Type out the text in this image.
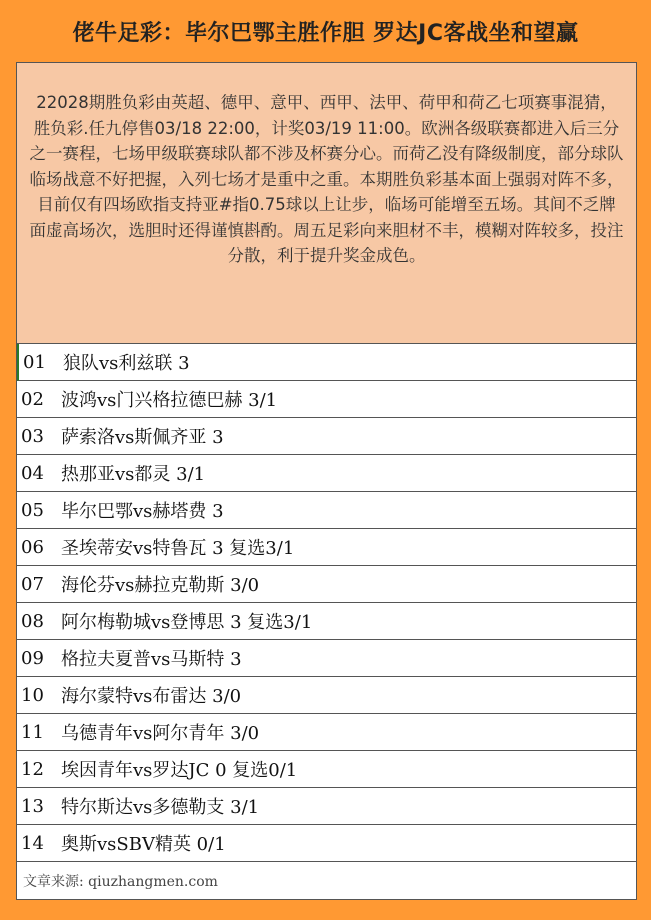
佬牛足彩：毕尔巴鄂主胜作胆 罗达JC客战坐和望赢
22028期胜负彩由英超、德甲、意甲、西甲、法甲、荷甲和荷乙七项赛事混猜，胜负彩.任九停售03/18 22:00，计奖03/19 11:00。欧洲各级联赛都进入后三分之一赛程，七场甲级联赛球队都不涉及杯赛分心。而荷乙没有降级制度，部分球队临场战意不好把握，入列七场才是重中之重。本期胜负彩基本面上强弱对阵不多，目前仅有四场欧指支持亚#指0.75球以上让步，临场可能增至五场。其间不乏牌面虚高场次，选胆时还得谨慎斟酌。周五足彩向来胆材不丰，模糊对阵较多，投注分散，利于提升奖金成色。
01 狼队vs利兹联 3
02 波鸿vs门兴格拉德巴赫 3/1
03 萨索洛vs斯佩齐亚 3
04 热那亚vs都灵 3/1
05 毕尔巴鄂vs赫塔费 3
06 圣埃蒂安vs特鲁瓦 3 复选3/1
07 海伦芬vs赫拉克勒斯 3/0
08 阿尔梅勒城vs登博思 3 复选3/1
09 格拉夫夏普vs马斯特 3
10 海尔蒙特vs布雷达 3/0
11 乌德青年vs阿尔青年 3/0
12 埃因青年vs罗达JC 0 复选0/1
13 特尔斯达vs多德勒支 3/1
14 奥斯vsSBV精英 0/1
文章来源: qiuzhangmen.com
